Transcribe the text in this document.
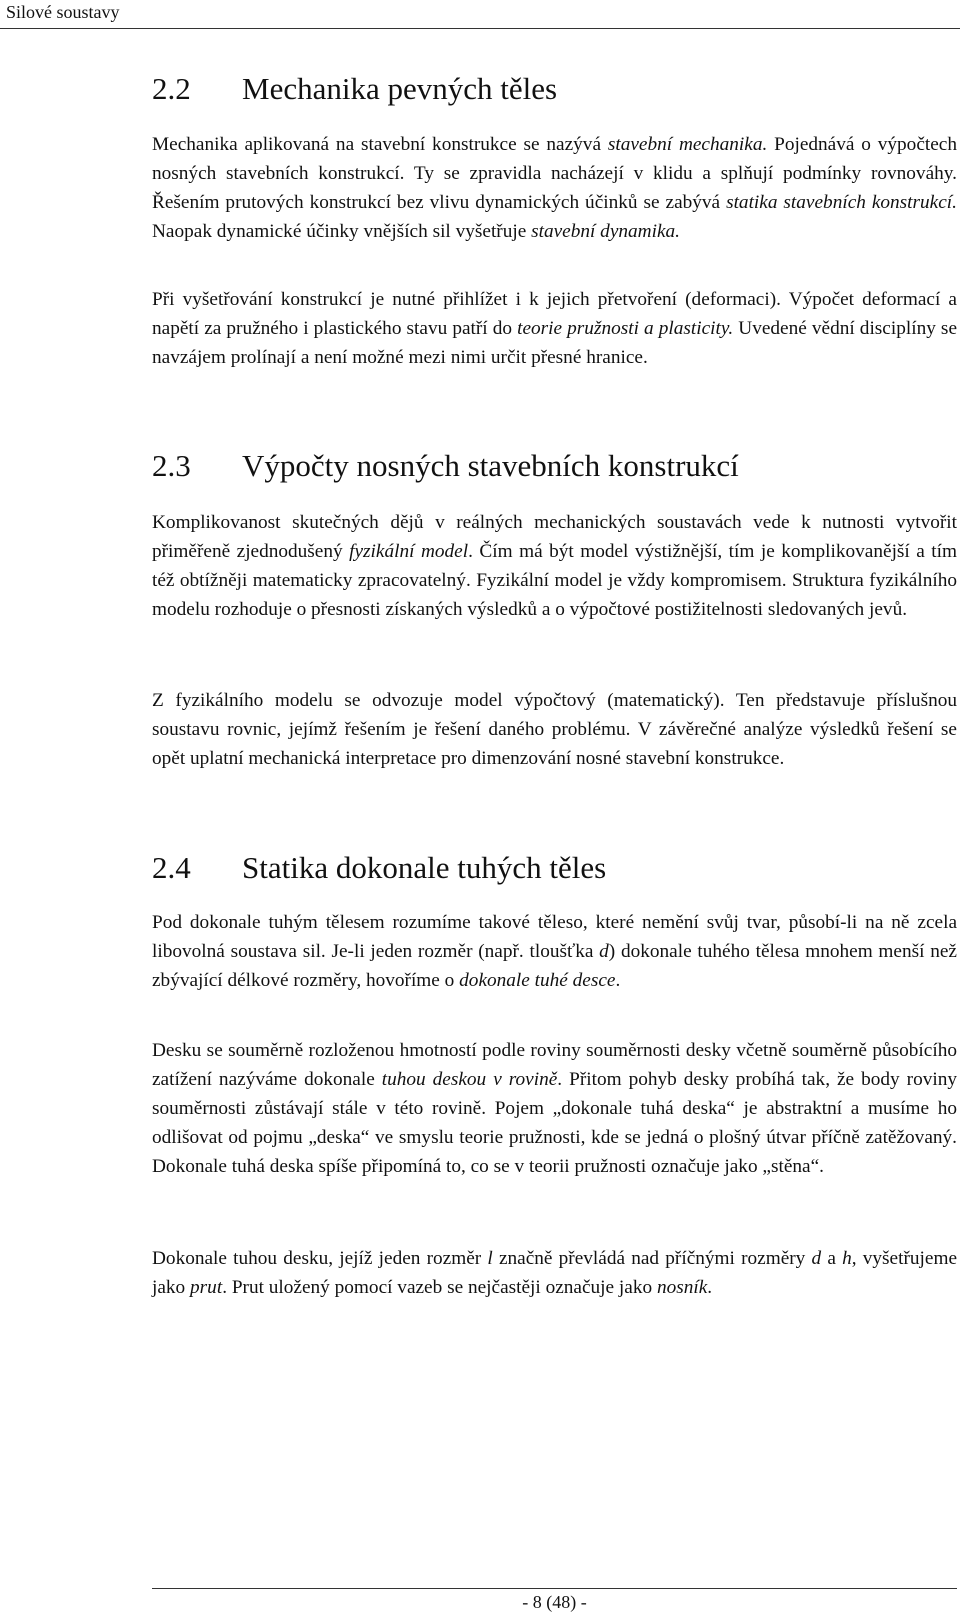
Silové soustavy
2.2 Mechanika pevných těles

Mechanika aplikovaná na stavební konstrukce se nazývá stavební mechanika. Pojednává o výpočtech nosných stavebních konstrukcí. Ty se zpravidla nacházejí v klidu a splňují podmínky rovnováhy. Řešením prutových konstrukcí bez vlivu dynamických účinků se zabývá statika stavebních konstrukcí. Naopak dynamické účinky vnějších sil vyšetřuje stavební dynamika.

Při vyšetřování konstrukcí je nutné přihlížet i k jejich přetvoření (deformaci). Výpočet deformací a napětí za pružného i plastického stavu patří do teorie pružnosti a plasticity. Uvedené vědní disciplíny se navzájem prolínají a není možné mezi nimi určit přesné hranice.

2.3 Výpočty nosných stavebních konstrukcí

Komplikovanost skutečných dějů v reálných mechanických soustavách vede k nutnosti vytvořit přiměřeně zjednodušený fyzikální model. Čím má být model výstižnější, tím je komplikovanější a tím též obtížněji matematicky zpracovatelný. Fyzikální model je vždy kompromisem. Struktura fyzikálního modelu rozhoduje o přesnosti získaných výsledků a o výpočtové postižitelnosti sledovaných jevů.

Z fyzikálního modelu se odvozuje model výpočtový (matematický). Ten představuje příslušnou soustavu rovnic, jejímž řešením je řešení daného problému. V závěrečné analýze výsledků řešení se opět uplatní mechanická interpretace pro dimenzování nosné stavební konstrukce.

2.4 Statika dokonale tuhých těles

Pod dokonale tuhým tělesem rozumíme takové těleso, které nemění svůj tvar, působí-li na ně zcela libovolná soustava sil. Je-li jeden rozměr (např. tloušťka d) dokonale tuhého tělesa mnohem menší než zbývající délkové rozměry, hovoříme o dokonale tuhé desce.

Desku se souměrně rozloženou hmotností podle roviny souměrnosti desky včetně souměrně působícího zatížení nazýváme dokonale tuhou deskou v rovině. Přitom pohyb desky probíhá tak, že body roviny souměrnosti zůstávají stále v této rovině. Pojem „dokonale tuhá deska“ je abstraktní a musíme ho odlišovat od pojmu „deska“ ve smyslu teorie pružnosti, kde se jedná o plošný útvar příčně zatěžovaný. Dokonale tuhá deska spíše připomíná to, co se v teorii pružnosti označuje jako „stěna“.

Dokonale tuhou desku, jejíž jeden rozměr l značně převládá nad příčnými rozměry d a h, vyšetřujeme jako prut. Prut uložený pomocí vazeb se nejčastěji označuje jako nosník.

- 8 (48) -
